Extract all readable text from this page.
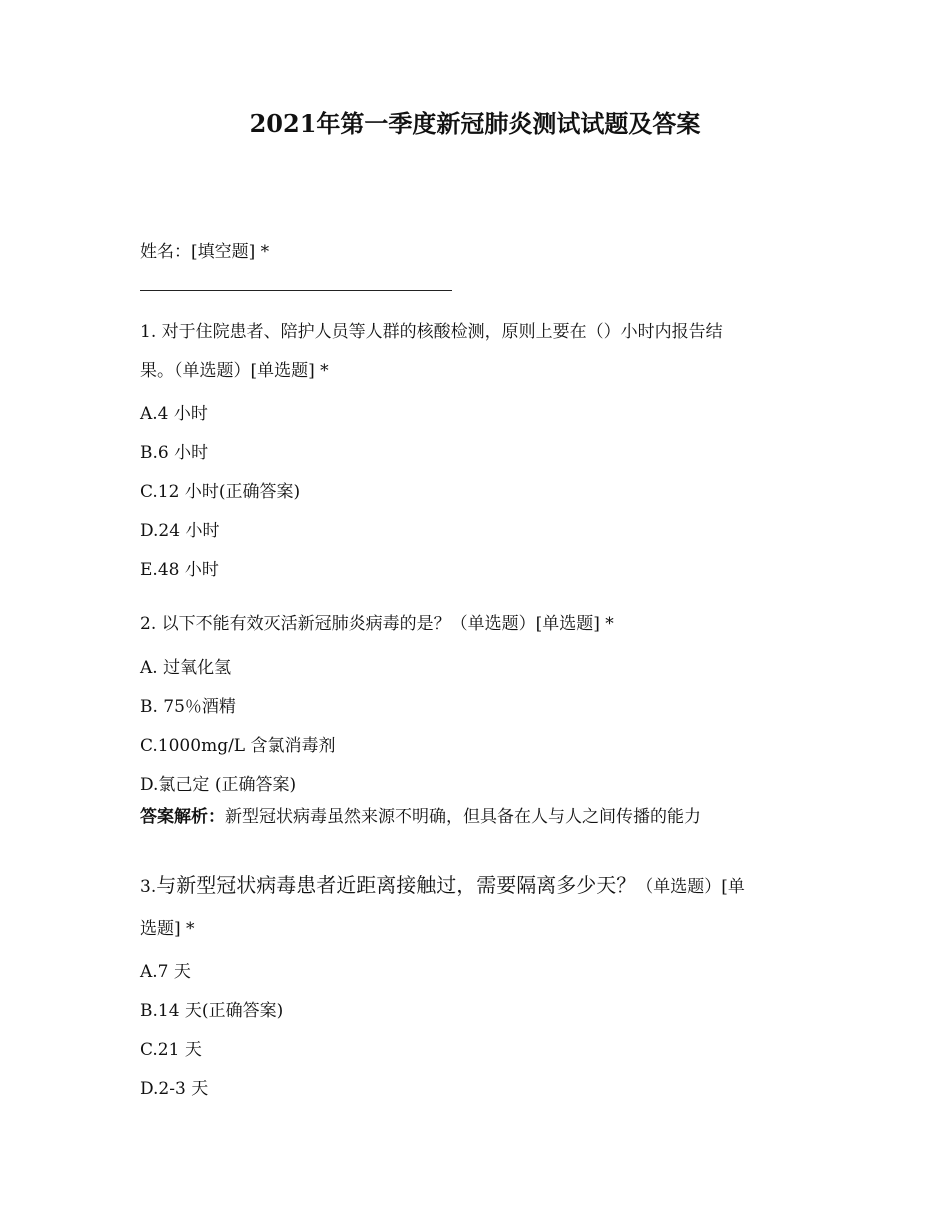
2021年第一季度新冠肺炎测试试题及答案
姓名：[填空题] *
1. 对于住院患者、陪护人员等人群的核酸检测，原则上要在（）小时内报告结
果。（单选题）[单选题] *
A.4 小时
B.6 小时
C.12 小时(正确答案)
D.24 小时
E.48 小时
2. 以下不能有效灭活新冠肺炎病毒的是？（单选题）[单选题] *
A. 过氧化氢
B. 75％酒精
C.1000mg/L 含氯消毒剂
D.氯己定 (正确答案)
答案解析：新型冠状病毒虽然来源不明确，但具备在人与人之间传播的能力
3.与新型冠状病毒患者近距离接触过，需要隔离多少天？（单选题）[单
选题] *
A.7 天
B.14 天(正确答案)
C.21 天
D.2-3 天
